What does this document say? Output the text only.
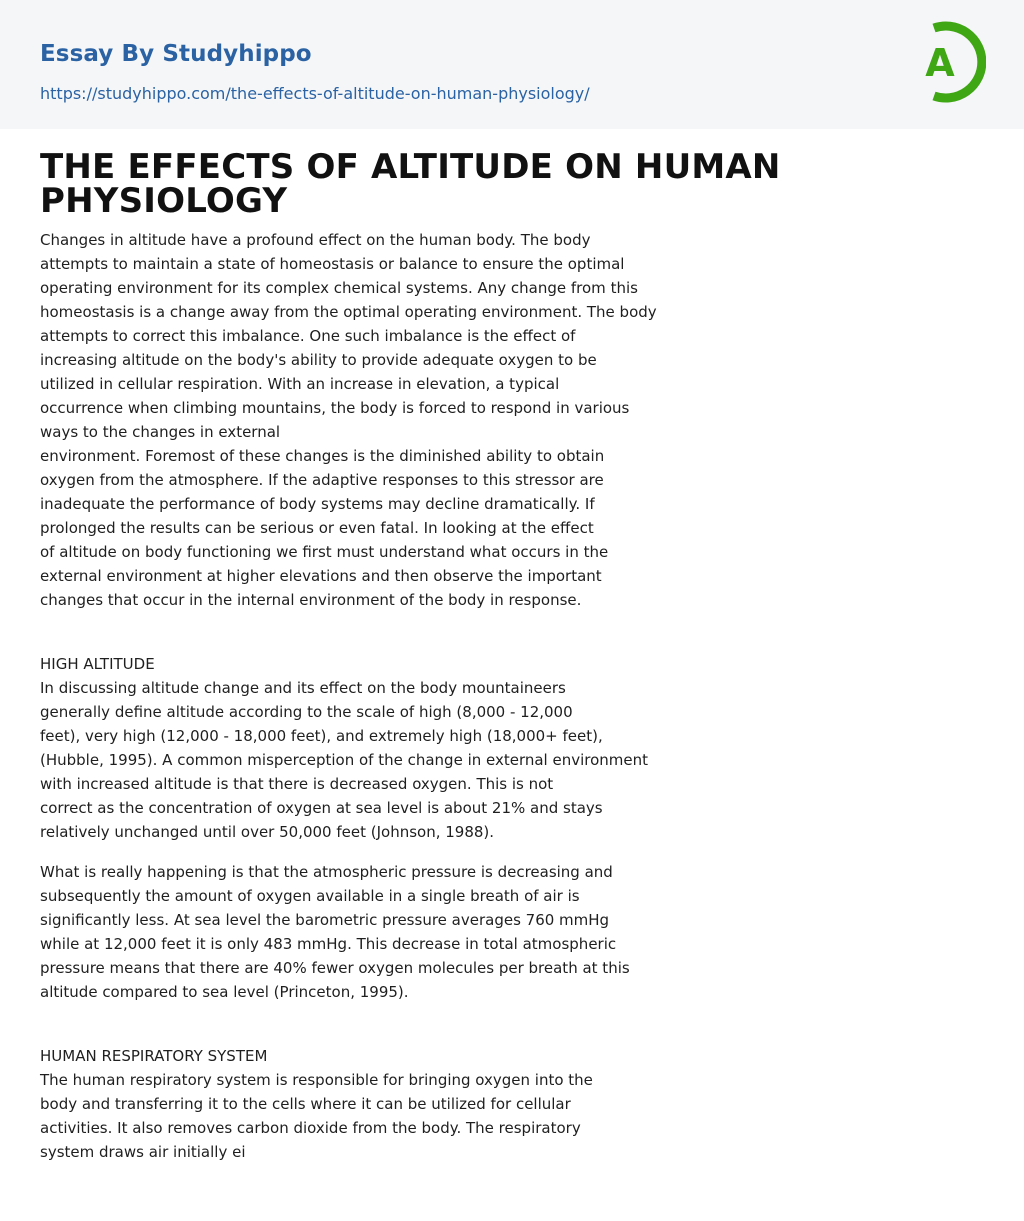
Essay By Studyhippo
https://studyhippo.com/the-effects-of-altitude-on-human-physiology/
A
THE EFFECTS OF ALTITUDE ON HUMAN
PHYSIOLOGY
Changes in altitude have a profound effect on the human body. The body
attempts to maintain a state of homeostasis or balance to ensure the optimal
operating environment for its complex chemical systems. Any change from this
homeostasis is a change away from the optimal operating environment. The body
attempts to correct this imbalance. One such imbalance is the effect of
increasing altitude on the body's ability to provide adequate oxygen to be
utilized in cellular respiration. With an increase in elevation, a typical
occurrence when climbing mountains, the body is forced to respond in various
ways to the changes in external
environment. Foremost of these changes is the diminished ability to obtain
oxygen from the atmosphere. If the adaptive responses to this stressor are
inadequate the performance of body systems may decline dramatically. If
prolonged the results can be serious or even fatal. In looking at the effect
of altitude on body functioning we first must understand what occurs in the
external environment at higher elevations and then observe the important
changes that occur in the internal environment of the body in response.
HIGH ALTITUDE
In discussing altitude change and its effect on the body mountaineers
generally define altitude according to the scale of high (8,000 - 12,000
feet), very high (12,000 - 18,000 feet), and extremely high (18,000+ feet),
(Hubble, 1995). A common misperception of the change in external environment
with increased altitude is that there is decreased oxygen. This is not
correct as the concentration of oxygen at sea level is about 21% and stays
relatively unchanged until over 50,000 feet (Johnson, 1988).
What is really happening is that the atmospheric pressure is decreasing and
subsequently the amount of oxygen available in a single breath of air is
significantly less. At sea level the barometric pressure averages 760 mmHg
while at 12,000 feet it is only 483 mmHg. This decrease in total atmospheric
pressure means that there are 40% fewer oxygen molecules per breath at this
altitude compared to sea level (Princeton, 1995).
HUMAN RESPIRATORY SYSTEM
The human respiratory system is responsible for bringing oxygen into the
body and transferring it to the cells where it can be utilized for cellular
activities. It also removes carbon dioxide from the body. The respiratory
system draws air initially ei
